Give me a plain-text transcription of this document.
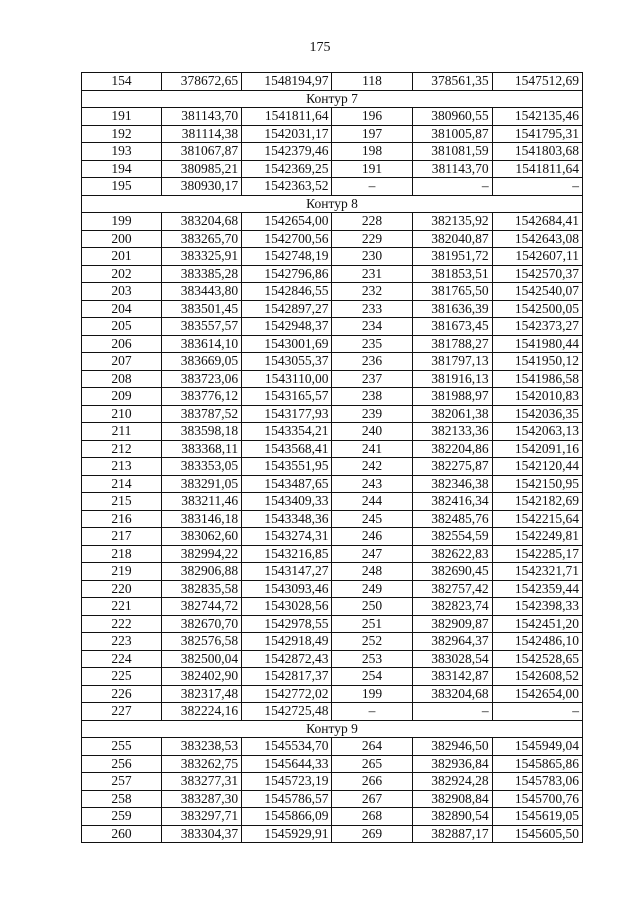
175
154	378672,65	1548194,97	118	378561,35	1547512,69
Контур 7					
191	381143,70	1541811,64	196	380960,55	1542135,46
192	381114,38	1542031,17	197	381005,87	1541795,31
193	381067,87	1542379,46	198	381081,59	1541803,68
194	380985,21	1542369,25	191	381143,70	1541811,64
195	380930,17	1542363,52	–	–	–
Контур 8					
199	383204,68	1542654,00	228	382135,92	1542684,41
200	383265,70	1542700,56	229	382040,87	1542643,08
201	383325,91	1542748,19	230	381951,72	1542607,11
202	383385,28	1542796,86	231	381853,51	1542570,37
203	383443,80	1542846,55	232	381765,50	1542540,07
204	383501,45	1542897,27	233	381636,39	1542500,05
205	383557,57	1542948,37	234	381673,45	1542373,27
206	383614,10	1543001,69	235	381788,27	1541980,44
207	383669,05	1543055,37	236	381797,13	1541950,12
208	383723,06	1543110,00	237	381916,13	1541986,58
209	383776,12	1543165,57	238	381988,97	1542010,83
210	383787,52	1543177,93	239	382061,38	1542036,35
211	383598,18	1543354,21	240	382133,36	1542063,13
212	383368,11	1543568,41	241	382204,86	1542091,16
213	383353,05	1543551,95	242	382275,87	1542120,44
214	383291,05	1543487,65	243	382346,38	1542150,95
215	383211,46	1543409,33	244	382416,34	1542182,69
216	383146,18	1543348,36	245	382485,76	1542215,64
217	383062,60	1543274,31	246	382554,59	1542249,81
218	382994,22	1543216,85	247	382622,83	1542285,17
219	382906,88	1543147,27	248	382690,45	1542321,71
220	382835,58	1543093,46	249	382757,42	1542359,44
221	382744,72	1543028,56	250	382823,74	1542398,33
222	382670,70	1542978,55	251	382909,87	1542451,20
223	382576,58	1542918,49	252	382964,37	1542486,10
224	382500,04	1542872,43	253	383028,54	1542528,65
225	382402,90	1542817,37	254	383142,87	1542608,52
226	382317,48	1542772,02	199	383204,68	1542654,00
227	382224,16	1542725,48	–	–	–
Контур 9					
255	383238,53	1545534,70	264	382946,50	1545949,04
256	383262,75	1545644,33	265	382936,84	1545865,86
257	383277,31	1545723,19	266	382924,28	1545783,06
258	383287,30	1545786,57	267	382908,84	1545700,76
259	383297,71	1545866,09	268	382890,54	1545619,05
260	383304,37	1545929,91	269	382887,17	1545605,50
